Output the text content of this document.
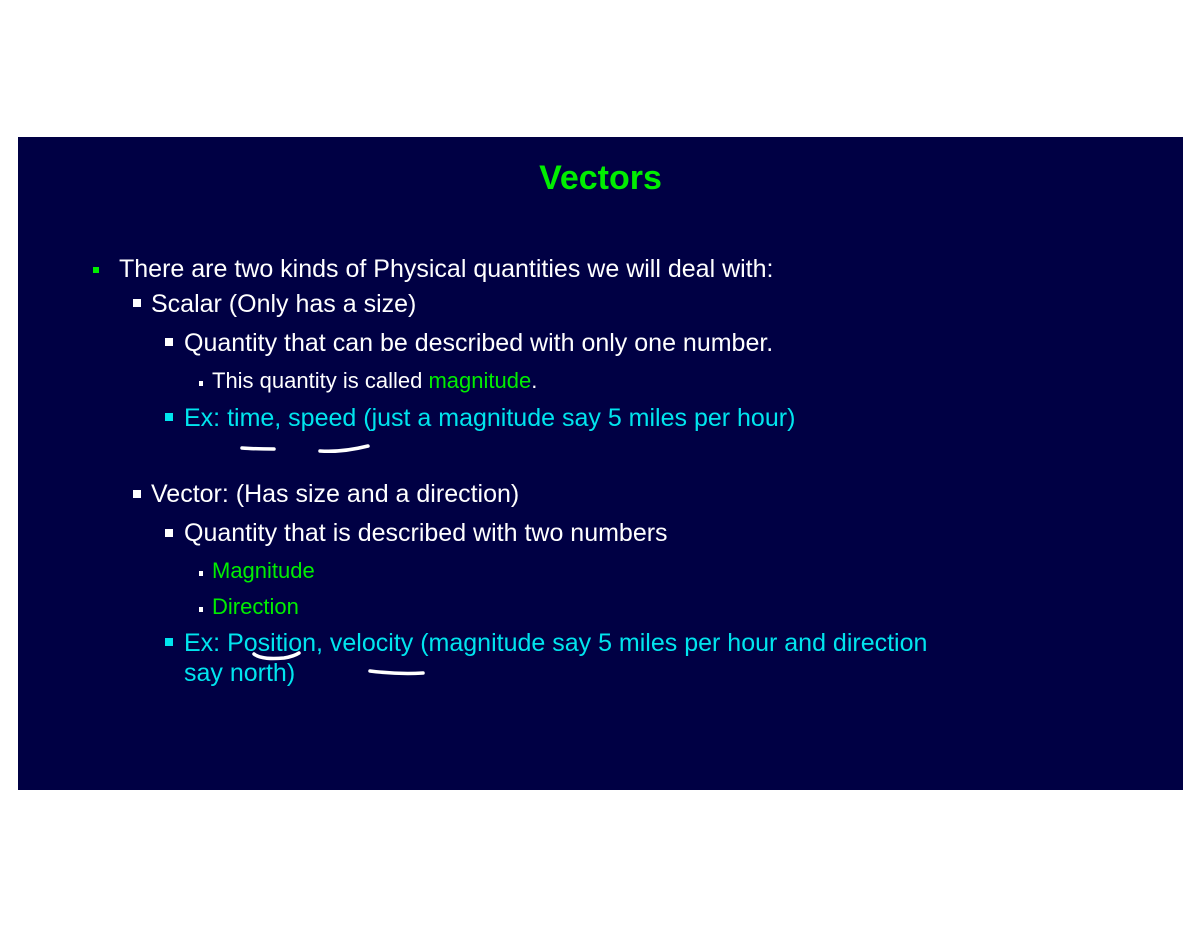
Vectors
There are two kinds of Physical quantities we will deal with:
Scalar (Only has a size)
Quantity that can be described with only one number.
This quantity is called magnitude.
Ex: time, speed (just a magnitude say 5 miles per hour)
Vector: (Has size and a direction)
Quantity that is described with two numbers
Magnitude
Direction
Ex: Position, velocity (magnitude say 5 miles per hour and direction
say north)
